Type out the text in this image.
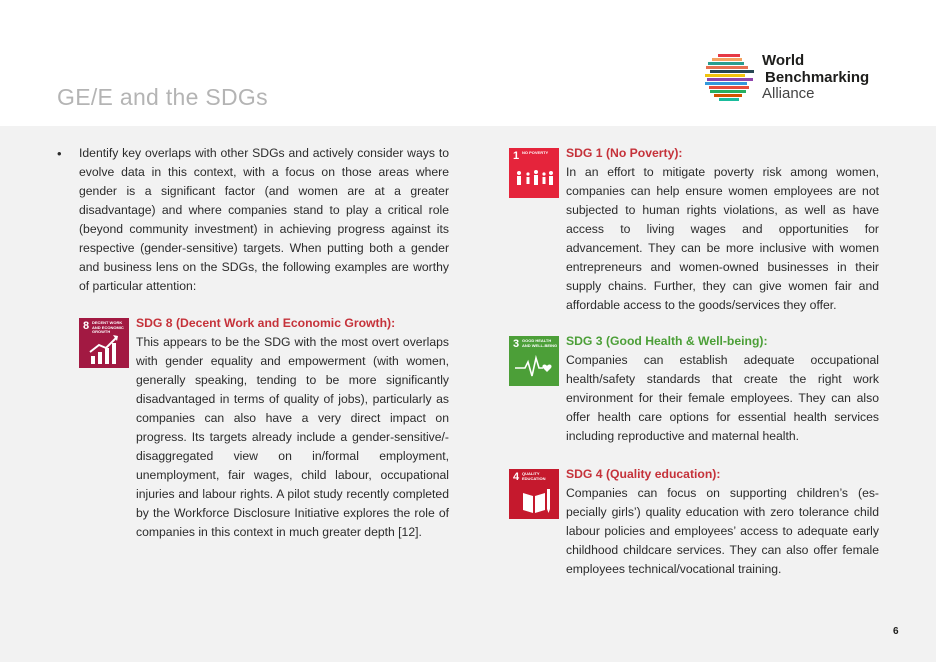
GE/E and the SDGs
World
Benchmarking
Alliance
• Identify key overlaps with other SDGs and actively consider ways to evolve data in this context, with a focus on those areas where gender is a significant factor (and women are at a greater disadvantage) and where companies stand to play a critical role (beyond community investment) in achieving progress against its respective (gender-sensitive) targets. When putting both a gender and business lens on the SDGs, the following examples are worthy of particular attention:

8 DECENT WORK AND ECONOMIC GROWTH

SDG 8 (Decent Work and Economic Growth):

This appears to be the SDG with the most overt overlaps with gender equality and empowerment (with women, generally speaking, tending to be more significantly disadvantaged in terms of quality of jobs), particularly as companies can also have a very direct impact on progress. Its targets already include a gender-sensitive/-disaggregated view on in/formal employment, unemployment, fair wages, child labour, occupational injuries and labour rights. A pilot study recently completed by the Workforce Disclosure Initiative explores the role of companies in this context in much greater depth [12].

1 NO POVERTY	SDG 1 (No Poverty):

In an effort to mitigate poverty risk among women, companies can help ensure women employees are not subjected to human rights violations, as well as have access to living wages and opportunities for advancement. They can be more inclusive with women entrepreneurs and women-owned businesses in their supply chains. Further, they can give women fair and affordable access to the goods/services they offer.

3 GOOD HEALTH AND WELL-BEING SDG 3 (Good Health & Well-being):

Companies can establish adequate occupational health/safety standards that create the right work environment for their female employees. They can also offer health care options for essential health services including reproductive and maternal health.

4 QUALITY EDUCATION	SDG 4 (Quality education):

Companies can focus on supporting children’s (es-pecially girls’) quality education with zero tolerance child labour policies and employees’ access to adequate early childhood childcare services. They can also offer female employees technical/vocational training.

6
